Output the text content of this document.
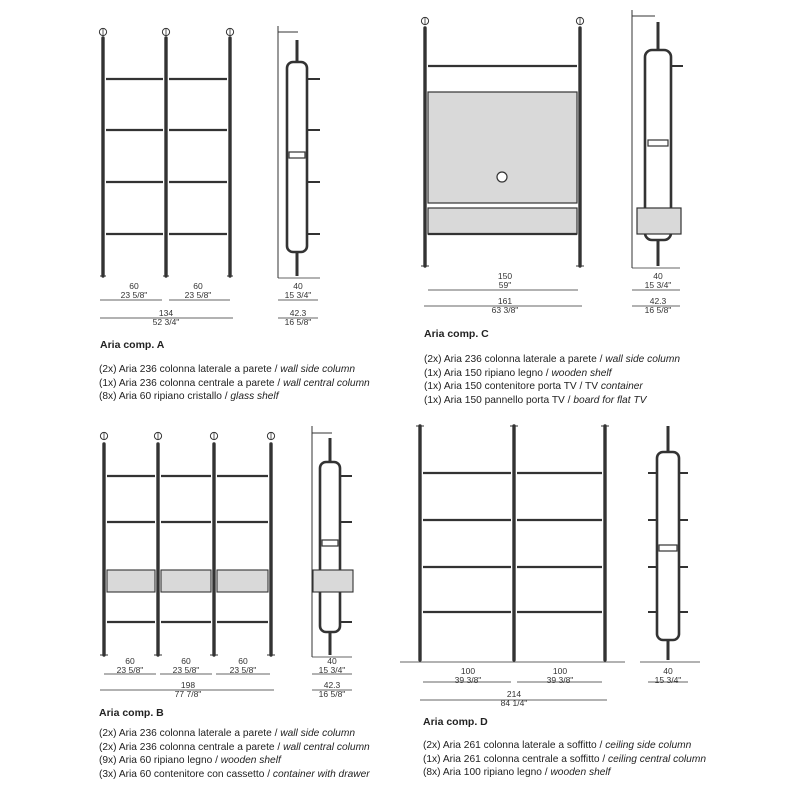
60
23 5/8"
60
23 5/8"
134
52 3/4"
40
15 3/4"
42.3
16 5/8"
Aria comp. A
(2x) Aria 236 colonna laterale a parete / wall side column
(1x) Aria 236 colonna centrale a parete / wall central column
(8x) Aria 60 ripiano cristallo / glass shelf
150
59"
161
63 3/8"
40
15 3/4"
42.3
16 5/8"
Aria comp. C
(2x) Aria 236 colonna laterale a parete / wall side column
(1x) Aria 150 ripiano legno / wooden shelf
(1x) Aria 150 contenitore porta TV / TV container
(1x) Aria 150 pannello porta TV / board for flat TV
60
23 5/8"
60
23 5/8"
60
23 5/8"
198
77 7/8"
40
15 3/4"
42.3
16 5/8"
Aria comp. B
(2x) Aria 236 colonna laterale a parete / wall side column
(2x) Aria 236 colonna centrale a parete / wall central column
(9x) Aria 60 ripiano legno / wooden shelf
(3x) Aria 60 contenitore con cassetto / container with drawer
100
39 3/8"
100
39 3/8"
214
84 1/4"
40
15 3/4"
Aria comp. D
(2x) Aria 261 colonna laterale a soffitto / ceiling side column
(1x) Aria 261 colonna centrale a soffitto / ceiling central column
(8x) Aria 100 ripiano legno / wooden shelf
